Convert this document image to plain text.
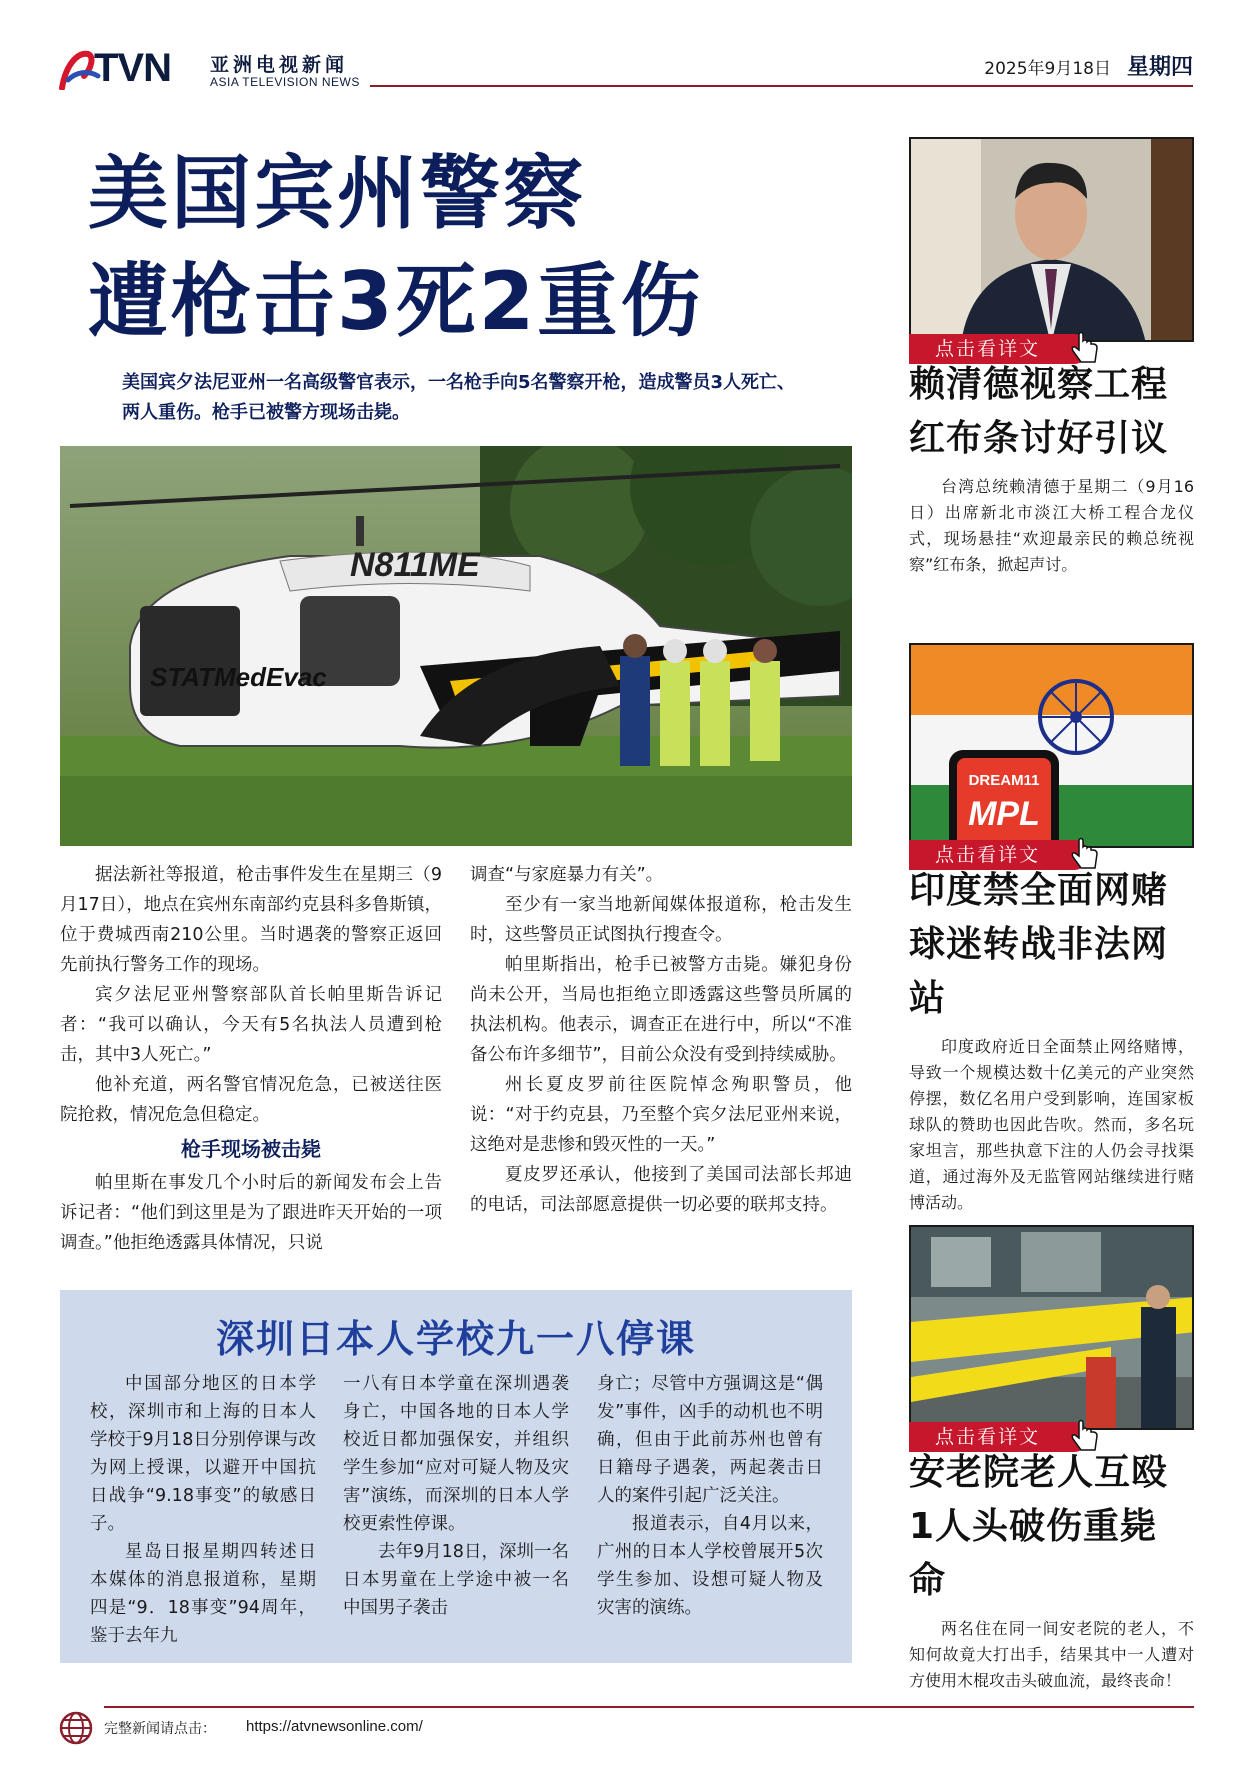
TVN 亚洲电视新闻
ASIA TELEVISION NEWS
2025年9月18日 星期四
美国宾州警察
遭枪击3死2重伤
美国宾夕法尼亚州一名高级警官表示，一名枪手向5名警察开枪，造成警员3人死亡、两人重伤。枪手已被警方现场击毙。
N811ME
STATMedEvac

据法新社等报道，枪击事件发生在星期三（9月17日），地点在宾州东南部约克县科多鲁斯镇，位于费城西南210公里。当时遇袭的警察正返回先前执行警务工作的现场。

宾夕法尼亚州警察部队首长帕里斯告诉记者：“我可以确认，今天有5名执法人员遭到枪击，其中3人死亡。”

他补充道，两名警官情况危急，已被送往医院抢救，情况危急但稳定。

枪手现场被击毙

帕里斯在事发几个小时后的新闻发布会上告诉记者：“他们到这里是为了跟进昨天开始的一项调查。”他拒绝透露具体情况，只说

调查“与家庭暴力有关”。

至少有一家当地新闻媒体报道称，枪击发生时，这些警员正试图执行搜查令。

帕里斯指出，枪手已被警方击毙。嫌犯身份尚未公开，当局也拒绝立即透露这些警员所属的执法机构。他表示，调查正在进行中，所以“不准备公布许多细节”，目前公众没有受到持续威胁。

州长夏皮罗前往医院悼念殉职警员，他说：“对于约克县，乃至整个宾夕法尼亚州来说，这绝对是悲惨和毁灭性的一天。”

夏皮罗还承认，他接到了美国司法部长邦迪的电话，司法部愿意提供一切必要的联邦支持。

深圳日本人学校九一八停课

中国部分地区的日本学校，深圳市和上海的日本人学校于9月18日分别停课与改为网上授课，以避开中国抗日战争“9.18事变”的敏感日子。

星岛日报星期四转述日本媒体的消息报道称，星期四是“9．18事变”94周年，鉴于去年九

一八有日本学童在深圳遇袭身亡，中国各地的日本人学校近日都加强保安，并组织学生参加“应对可疑人物及灾害”演练，而深圳的日本人学校更索性停课。

去年9月18日，深圳一名日本男童在上学途中被一名中国男子袭击

身亡；尽管中方强调这是“偶发”事件，凶手的动机也不明确，但由于此前苏州也曾有日籍母子遇袭，两起袭击日人的案件引起广泛关注。

报道表示，自4月以来，广州的日本人学校曾展开5次学生参加、设想可疑人物及灾害的演练。

点击看详文
赖清德视察工程
红布条讨好引议

台湾总统赖清德于星期二（9月16日）出席新北市淡江大桥工程合龙仪式，现场悬挂“欢迎最亲民的赖总统视察”红布条，掀起声讨。

DREAM11
MPL
点击看详文
印度禁全面网赌
球迷转战非法网站

印度政府近日全面禁止网络赌博，导致一个规模达数十亿美元的产业突然停摆，数亿名用户受到影响，连国家板球队的赞助也因此告吹。然而，多名玩家坦言，那些执意下注的人仍会寻找渠道，通过海外及无监管网站继续进行赌博活动。

点击看详文
安老院老人互殴
1人头破伤重毙命

两名住在同一间安老院的老人，不知何故竟大打出手，结果其中一人遭对方使用木棍攻击头破血流，最终丧命！

完整新闻请点击： https://atvnewsonline.com/
